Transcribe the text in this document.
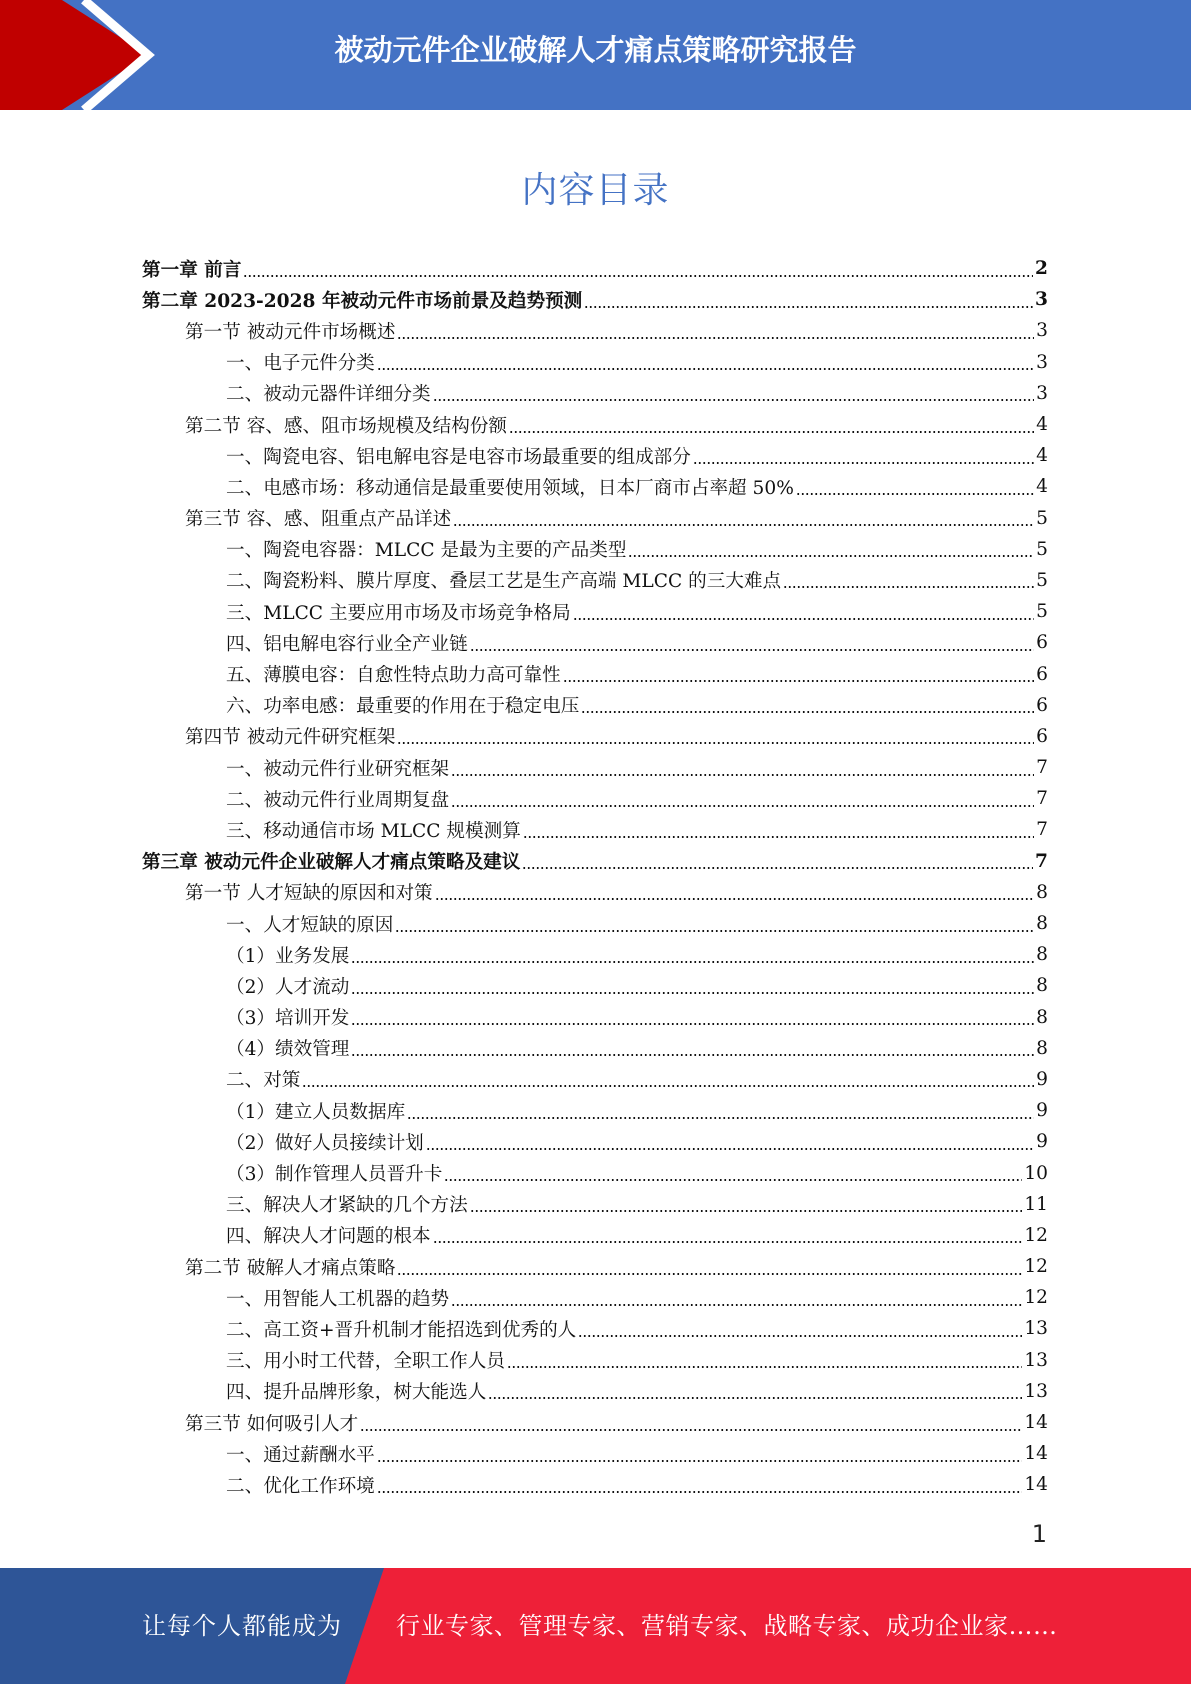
被动元件企业破解人才痛点策略研究报告
内容目录
第一章 前言	2
第二章 2023-2028 年被动元件市场前景及趋势预测	3
第一节 被动元件市场概述	3
一、电子元件分类	3
二、被动元器件详细分类	3
第二节 容、感、阻市场规模及结构份额	4
一、陶瓷电容、铝电解电容是电容市场最重要的组成部分	4
二、电感市场：移动通信是最重要使用领域，日本厂商市占率超 50%	4
第三节 容、感、阻重点产品详述	5
一、陶瓷电容器：MLCC 是最为主要的产品类型	5
二、陶瓷粉料、膜片厚度、叠层工艺是生产高端 MLCC 的三大难点	5
三、MLCC 主要应用市场及市场竞争格局	5
四、铝电解电容行业全产业链	6
五、薄膜电容：自愈性特点助力高可靠性	6
六、功率电感：最重要的作用在于稳定电压	6
第四节 被动元件研究框架	6
一、被动元件行业研究框架	7
二、被动元件行业周期复盘	7
三、移动通信市场 MLCC 规模测算	7
第三章 被动元件企业破解人才痛点策略及建议	7
第一节 人才短缺的原因和对策	8
一、人才短缺的原因	8
（1）业务发展	8
（2）人才流动	8
（3）培训开发	8
（4）绩效管理	8
二、对策	9
（1）建立人员数据库	9
（2）做好人员接续计划	9
（3）制作管理人员晋升卡	10
三、解决人才紧缺的几个方法	11
四、解决人才问题的根本	12
第二节 破解人才痛点策略	12
一、用智能人工机器的趋势	12
二、高工资+晋升机制才能招选到优秀的人	13
三、用小时工代替，全职工作人员	13
四、提升品牌形象，树大能选人	13
第三节 如何吸引人才	14
一、通过薪酬水平	14
二、优化工作环境	14
1
让每个人都能成为 行业专家、管理专家、营销专家、战略专家、成功企业家……
